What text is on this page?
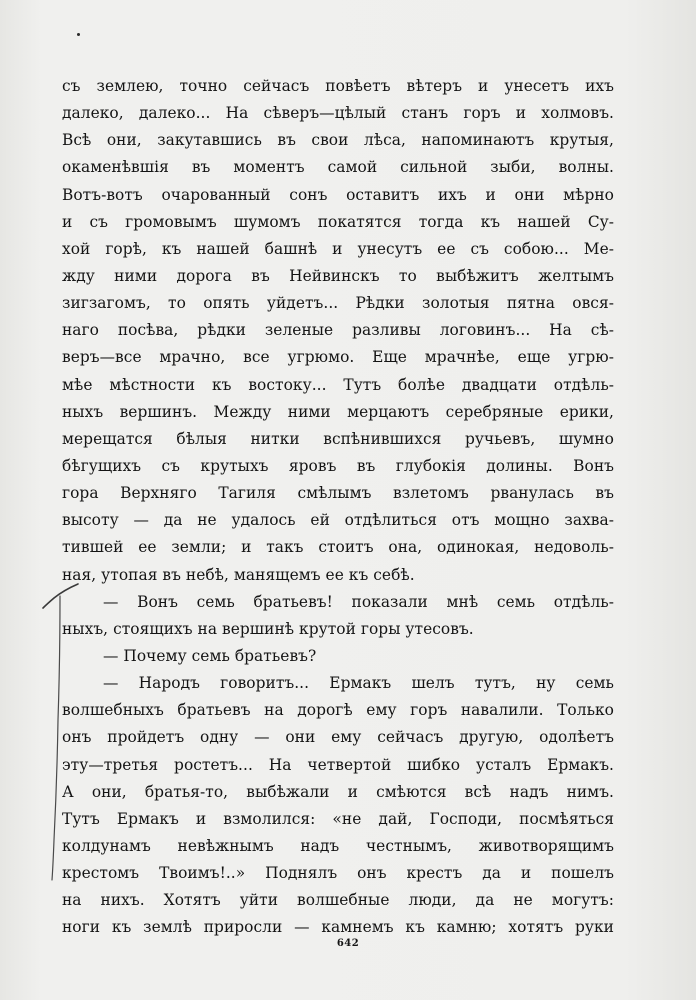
съ землею, точно сейчасъ повѣетъ вѣтеръ и унесетъ ихъ
далеко, далеко... На сѣверъ—цѣлый станъ горъ и холмовъ.
Всѣ они, закутавшись въ свои лѣса, напоминаютъ крутыя,
окаменѣвшія въ моментъ самой сильной зыби, волны.
Вотъ-вотъ очарованный сонъ оставитъ ихъ и они мѣрно
и съ громовымъ шумомъ покатятся тогда къ нашей Су-
хой горѣ, къ нашей башнѣ и унесутъ ее съ собою... Ме-
жду ними дорога въ Нейвинскъ то выбѣжитъ желтымъ
зигзагомъ, то опять уйдетъ... Рѣдки золотыя пятна овся-
наго посѣва, рѣдки зеленые разливы логовинъ... На сѣ-
веръ—все мрачно, все угрюмо. Еще мрачнѣе, еще угрю-
мѣе мѣстности къ востоку... Тутъ болѣе двадцати отдѣль-
ныхъ вершинъ. Между ними мерцаютъ серебряные ерики,
мерещатся бѣлыя нитки вспѣнившихся ручьевъ, шумно
бѣгущихъ съ крутыхъ яровъ въ глубокія долины. Вонъ
гора Верхняго Тагиля смѣлымъ взлетомъ рванулась въ
высоту — да не удалось ей отдѣлиться отъ мощно захва-
тившей ее земли; и такъ стоитъ она, одинокая, недоволь-
ная, утопая въ небѣ, манящемъ ее къ себѣ.
— Вонъ семь братьевъ! показали мнѣ семь отдѣль-
ныхъ, стоящихъ на вершинѣ крутой горы утесовъ.
— Почему семь братьевъ?
— Народъ говоритъ... Ермакъ шелъ тутъ, ну семь
волшебныхъ братьевъ на дорогѣ ему горъ навалили. Только
онъ пройдетъ одну — они ему сейчасъ другую, одолѣетъ
эту—третья ростетъ... На четвертой шибко усталъ Ермакъ.
А они, братья-то, выбѣжали и смѣются всѣ надъ нимъ.
Тутъ Ермакъ и взмолился: «не дай, Господи, посмѣяться
колдунамъ невѣжнымъ надъ честнымъ, животворящимъ
крестомъ Твоимъ!..» Поднялъ онъ крестъ да и пошелъ
на нихъ. Хотятъ уйти волшебные люди, да не могутъ:
ноги къ землѣ приросли — камнемъ къ камню; хотятъ руки
642
